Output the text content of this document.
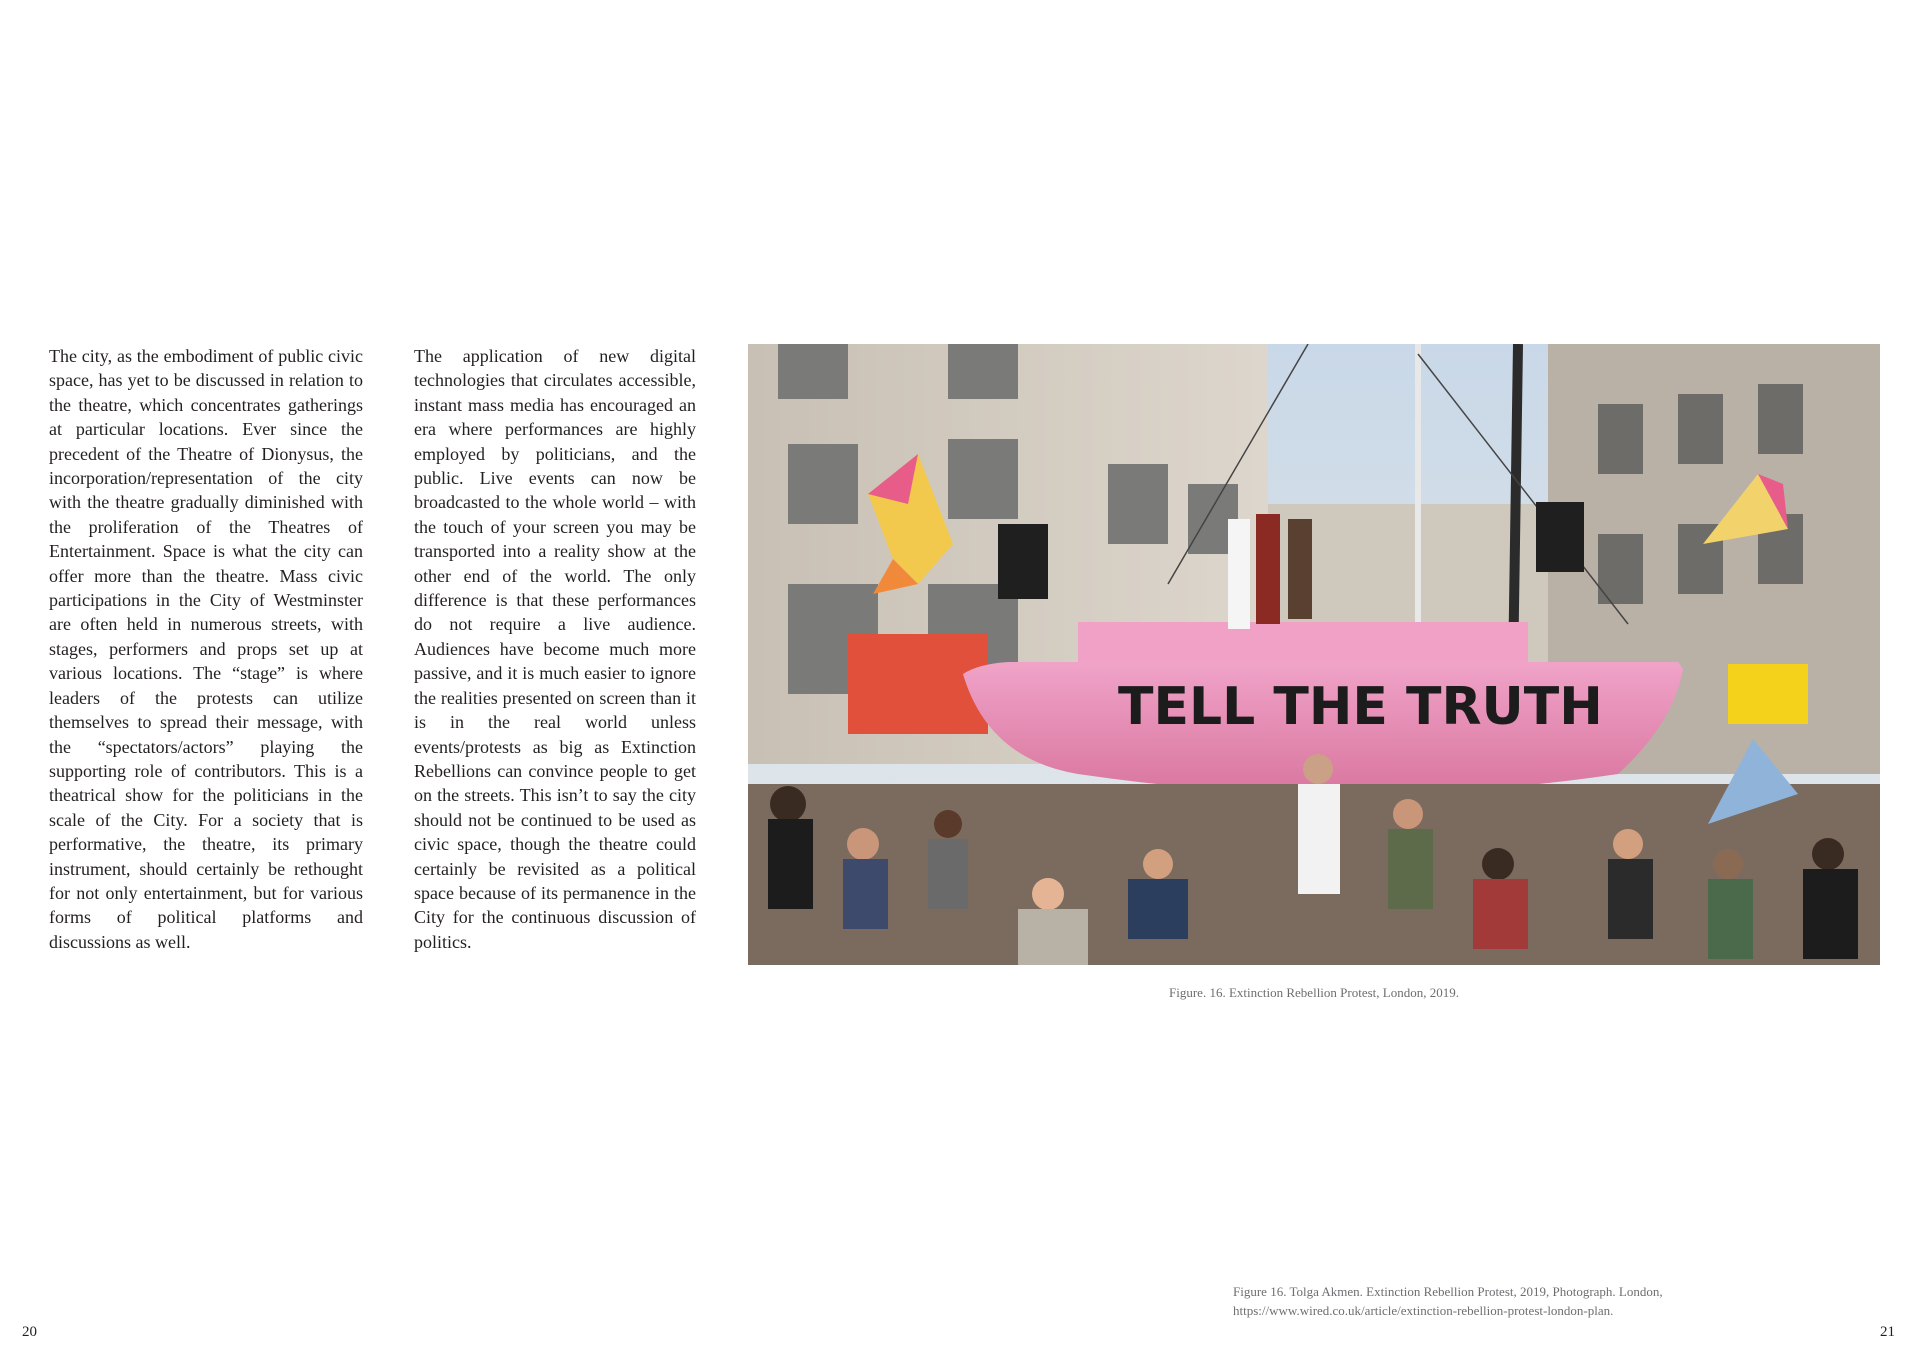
The city, as the embodiment of public civic space, has yet to be discussed in relation to the theatre, which concentrates gatherings at particular locations. Ever since the precedent of the Theatre of Dionysus, the incorporation/representation of the city with the theatre gradually diminished with the proliferation of the Theatres of Entertainment. Space is what the city can offer more than the theatre. Mass civic participations in the City of Westminster are often held in numerous streets, with stages, performers and props set up at various locations. The “stage” is where leaders of the protests can utilize themselves to spread their message, with the “spectators/actors” playing the supporting role of contributors. This is a theatrical show for the politicians in the scale of the City. For a society that is performative, the theatre, its primary instrument, should certainly be rethought for not only entertainment, but for various forms of political platforms and discussions as well.
The application of new digital technologies that circulates accessible, instant mass media has encouraged an era where performances are highly employed by politicians, and the public. Live events can now be broadcasted to the whole world – with the touch of your screen you may be transported into a reality show at the other end of the world. The only difference is that these performances do not require a live audience. Audiences have become much more passive, and it is much easier to ignore the realities presented on screen than it is in the real world unless events/protests as big as Extinction Rebellions can convince people to get on the streets. This isn’t to say the city should not be continued to be used as civic space, though the theatre could certainly be revisited as a political space because of its permanence in the City for the continuous discussion of politics.
TELL THE TRUTH
Figure. 16. Extinction Rebellion Protest, London, 2019.
Figure 16. Tolga Akmen. Extinction Rebellion Protest, 2019, Photograph. London, https://www.wired.co.uk/article/extinction-rebellion-protest-london-plan.
20	21
